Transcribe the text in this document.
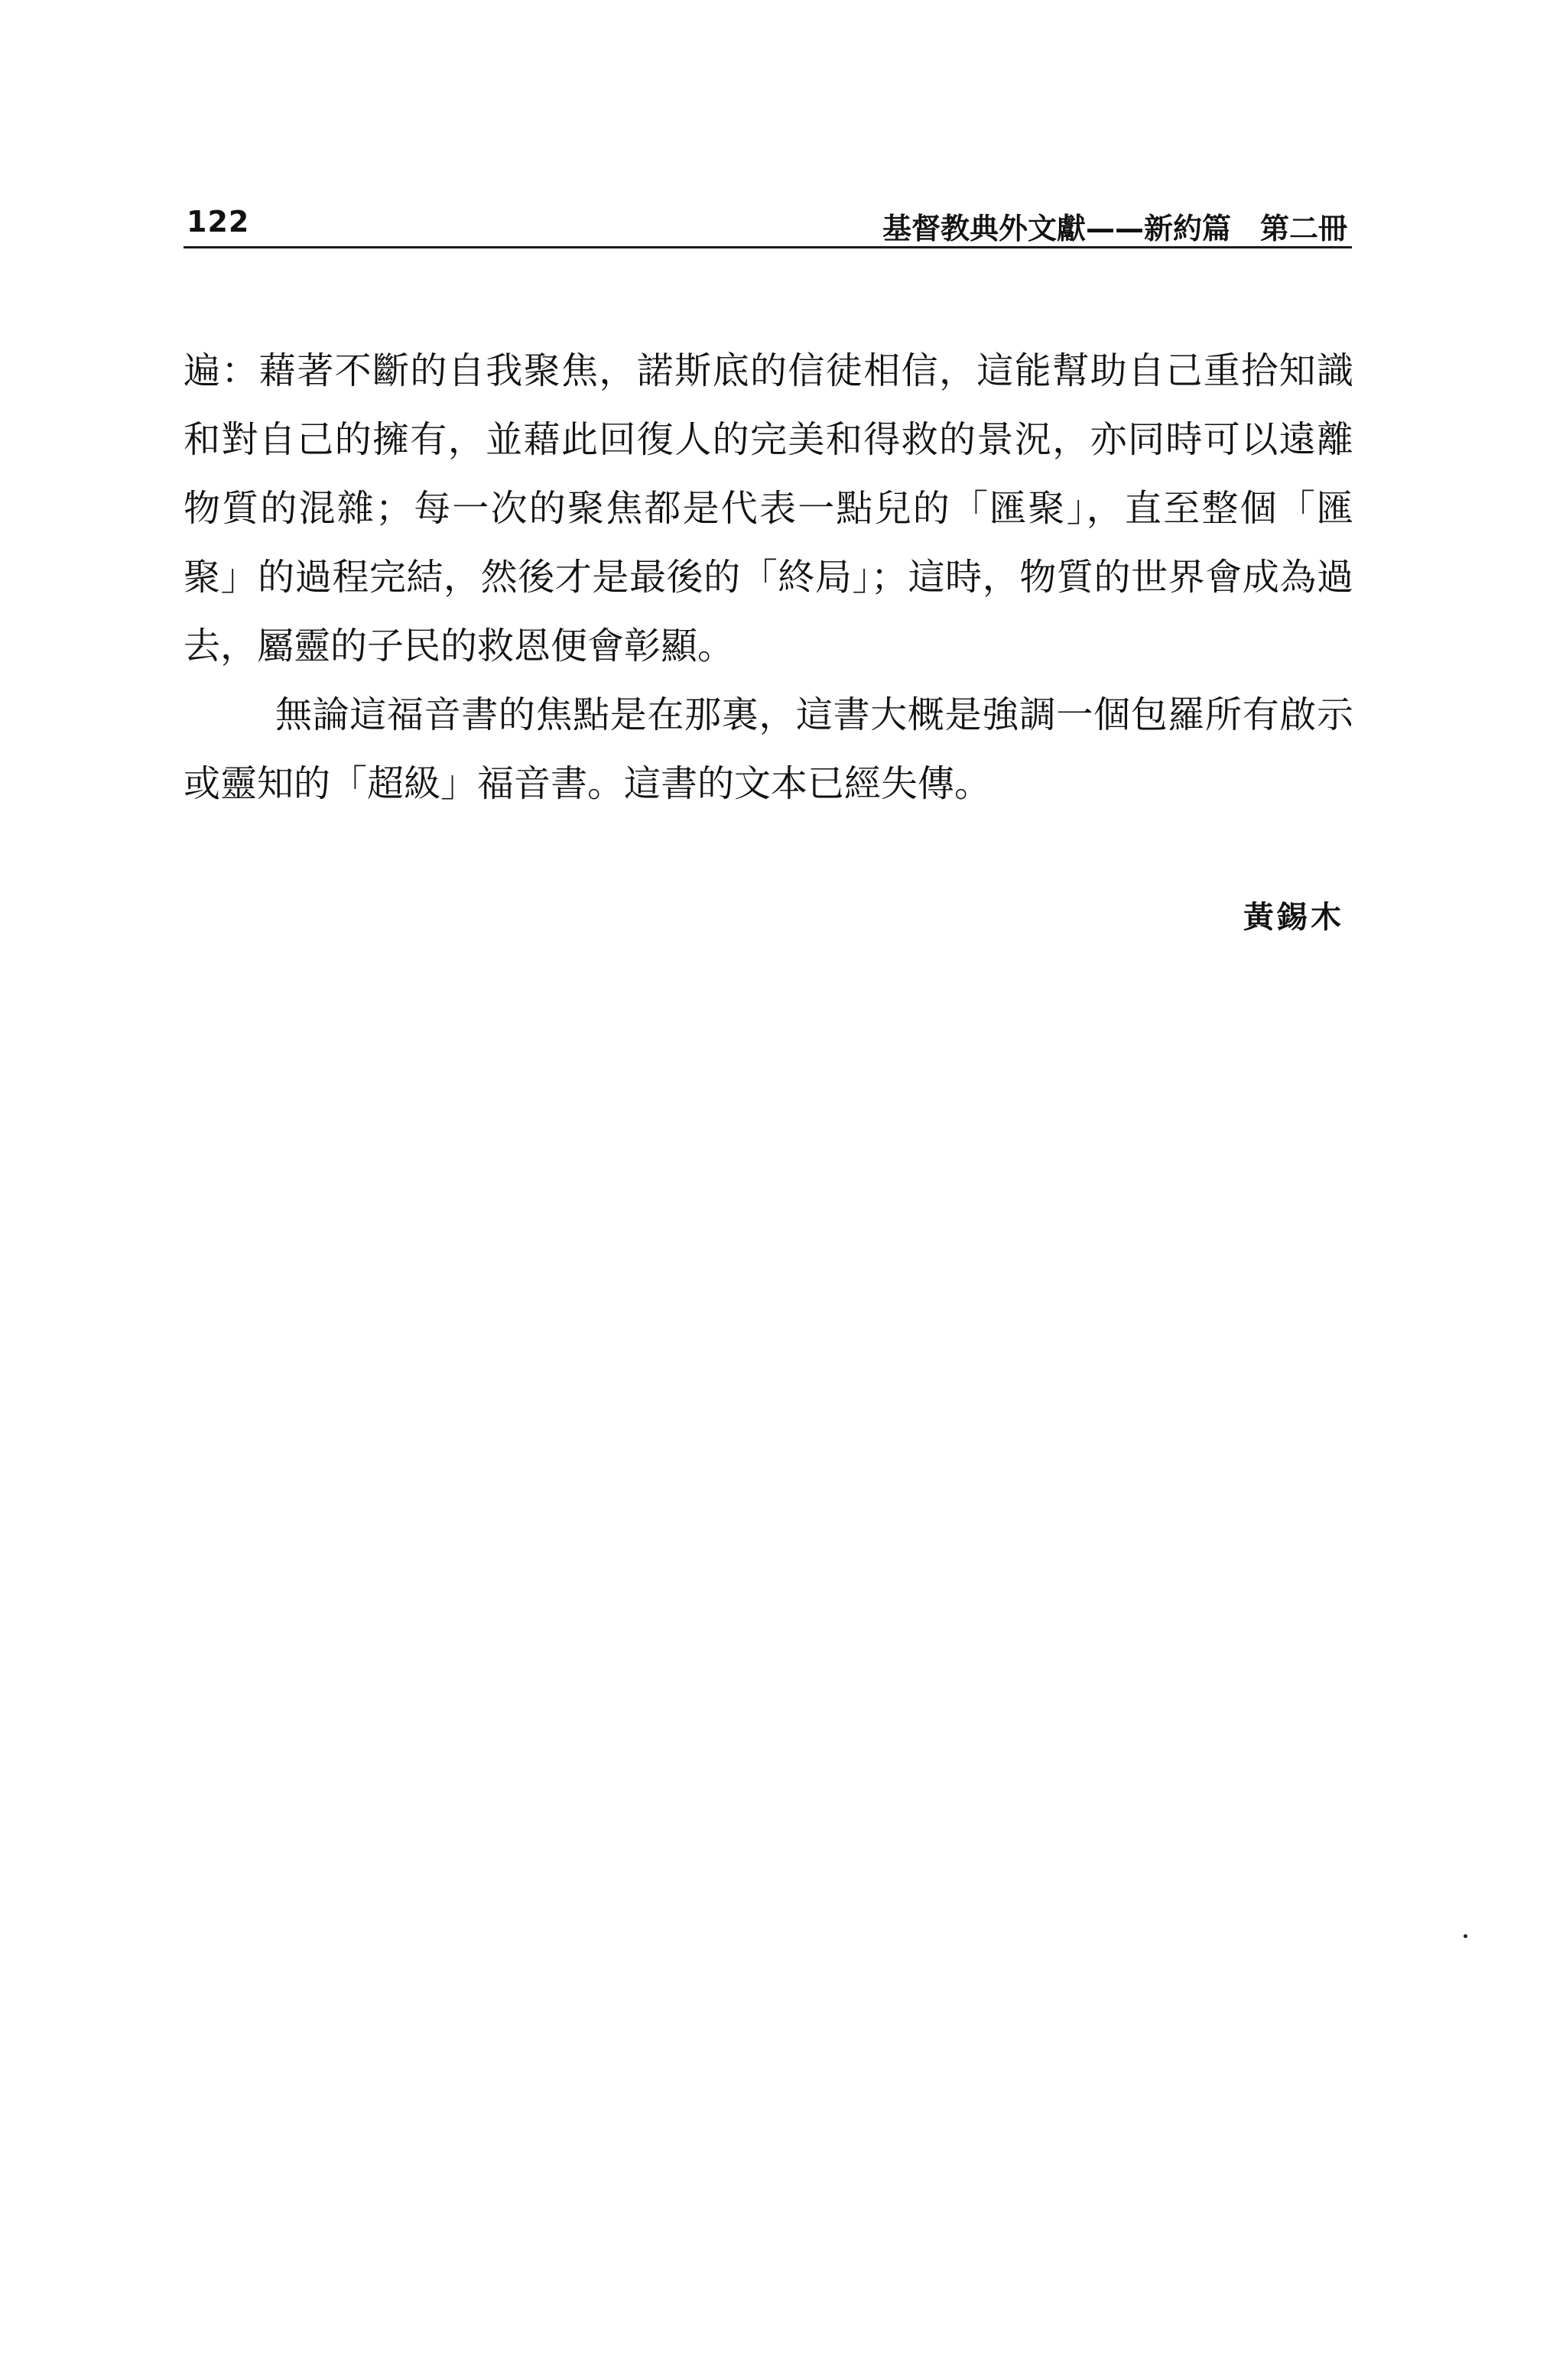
122	基督教典外文獻——新約篇　第二冊

遍：藉著不斷的自我聚焦，諾斯底的信徒相信，這能幫助自己重拾知識和對自己的擁有，並藉此回復人的完美和得救的景況，亦同時可以遠離物質的混雜；每一次的聚焦都是代表一點兒的「匯聚」，直至整個「匯聚」的過程完結，然後才是最後的「終局」；這時，物質的世界會成為過去，屬靈的子民的救恩便會彰顯。

無論這福音書的焦點是在那裏，這書大概是強調一個包羅所有啟示或靈知的「超級」福音書。這書的文本已經失傳。

黃錫木
